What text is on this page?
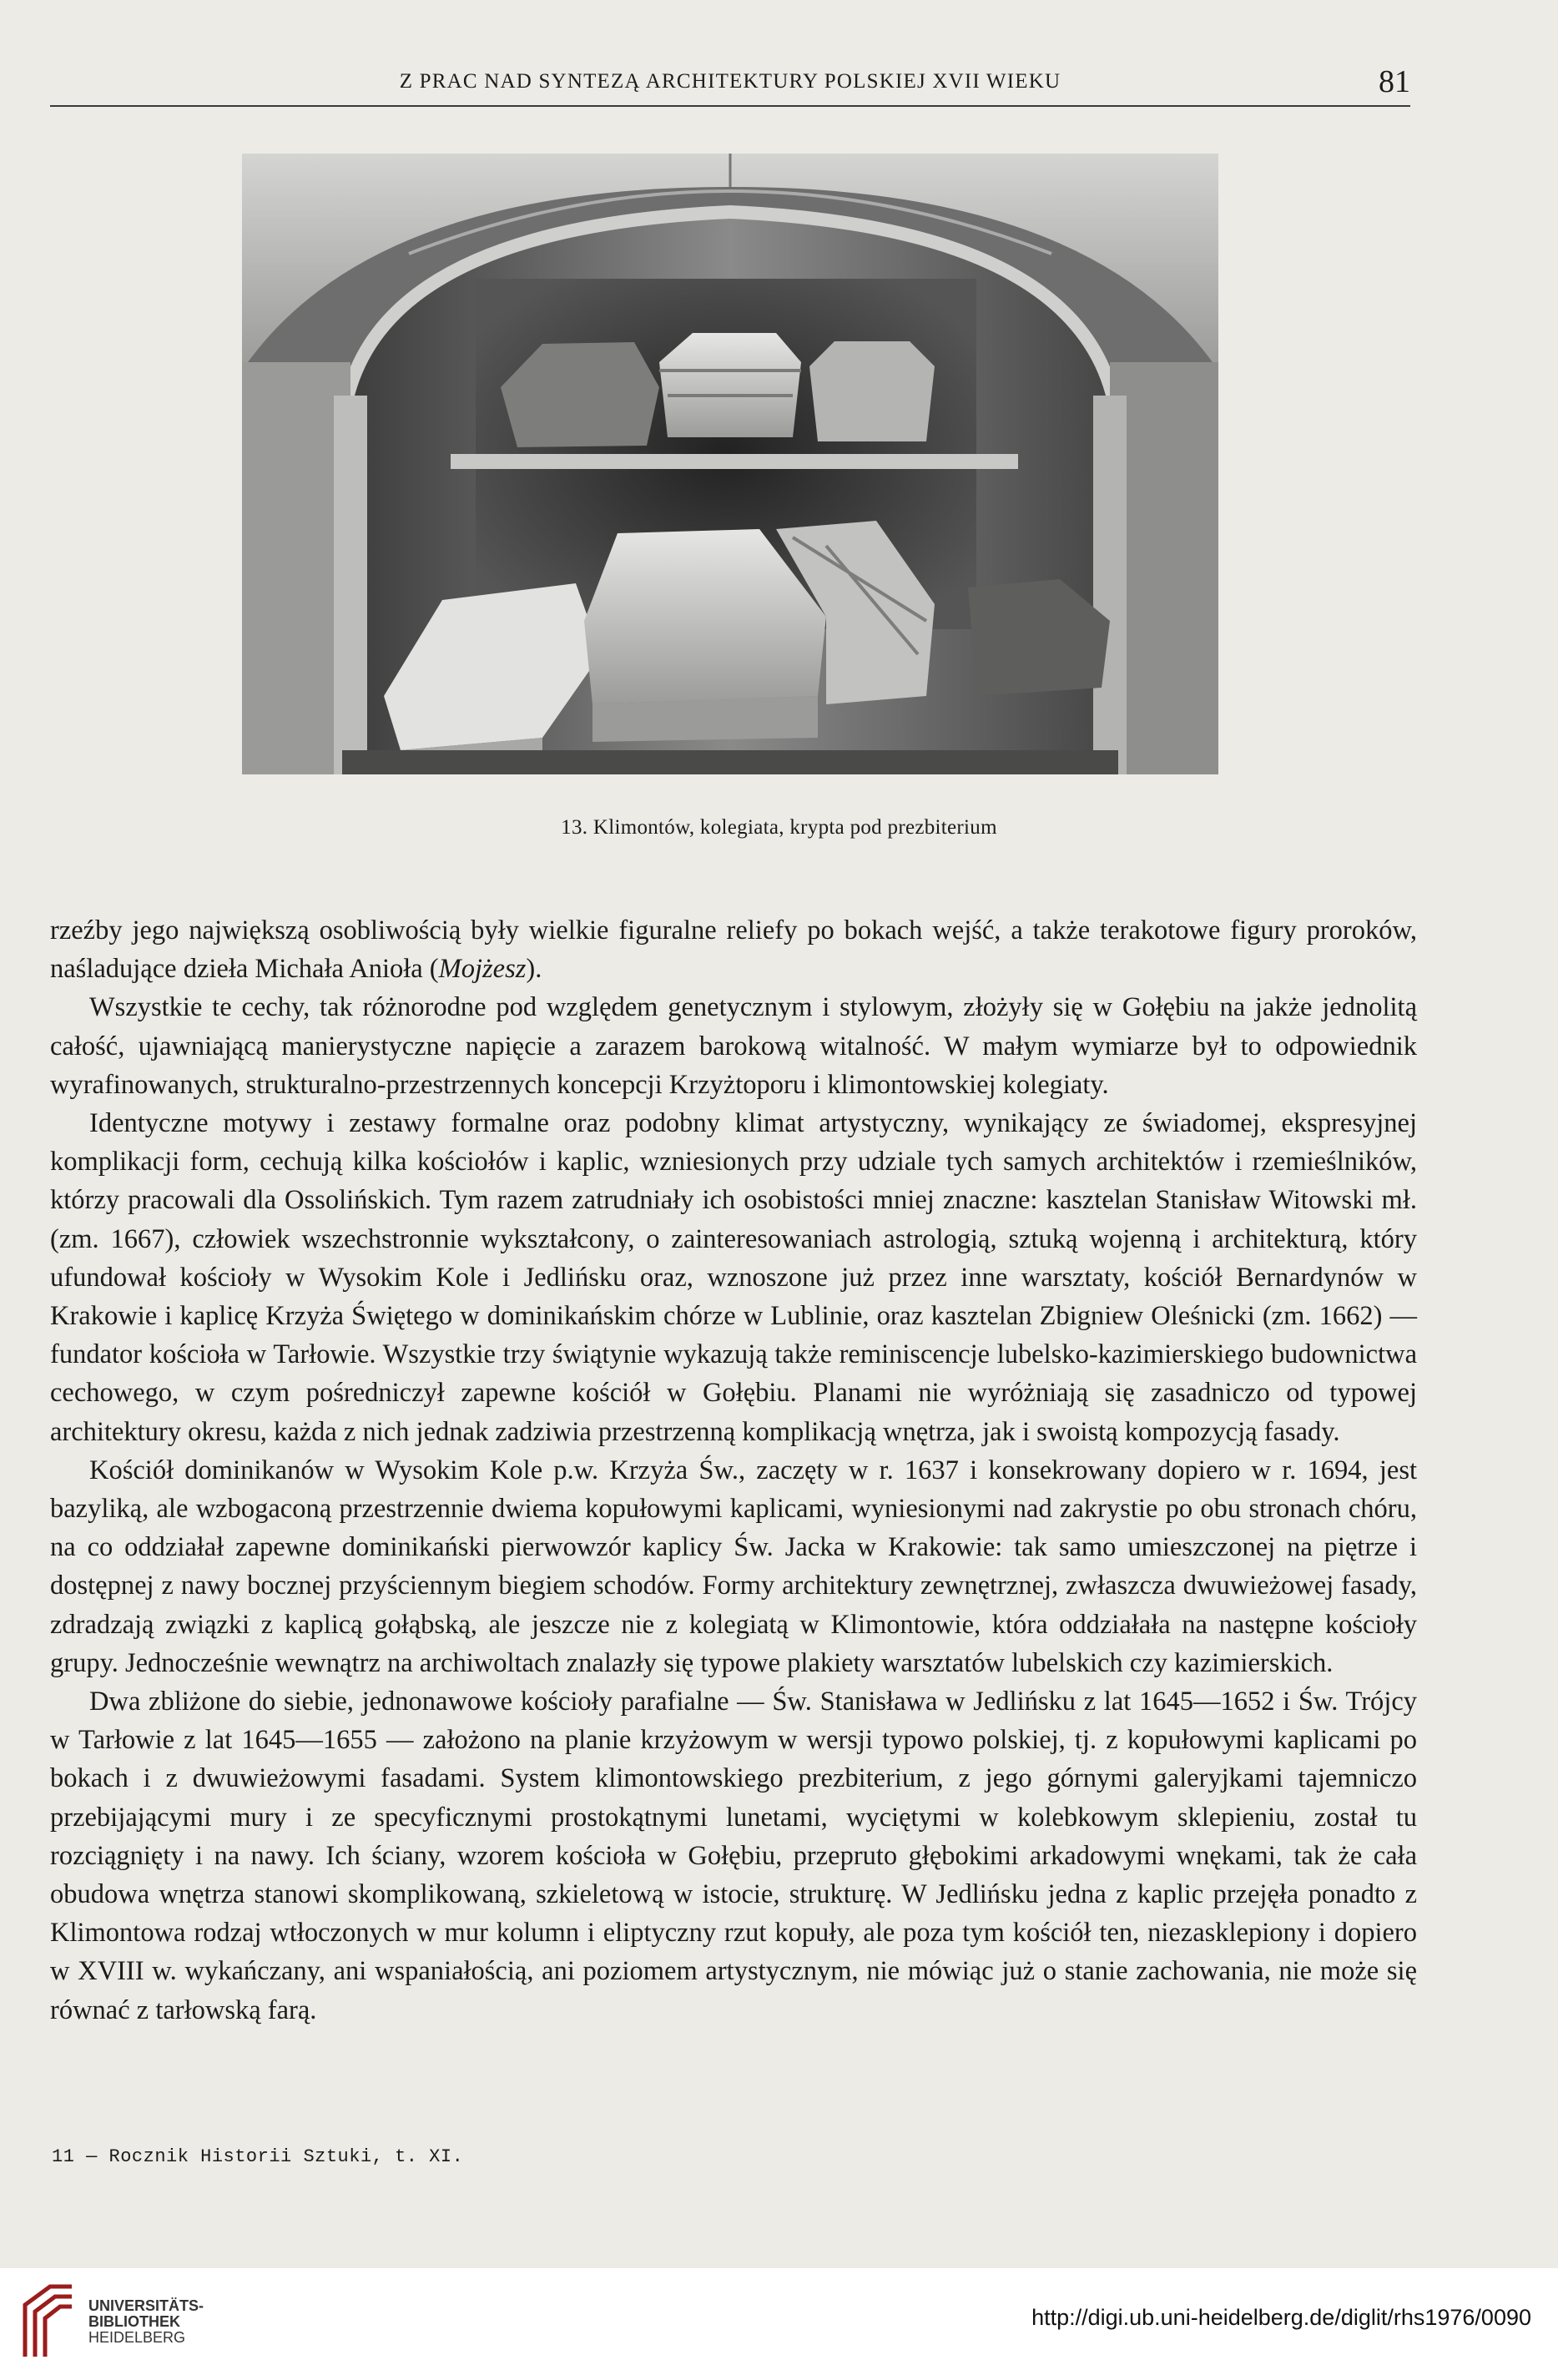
Z PRAC NAD SYNTEZĄ ARCHITEKTURY POLSKIEJ XVII WIEKU	81
13. Klimontów, kolegiata, krypta pod prezbiterium

rzeźby jego największą osobliwością były wielkie figuralne reliefy po bokach wejść, a także terakotowe figury proroków, naśladujące dzieła Michała Anioła (Mojżesz).

Wszystkie te cechy, tak różnorodne pod względem genetycznym i stylowym, złożyły się w Gołębiu na jakże jednolitą całość, ujawniającą manierystyczne napięcie a zarazem barokową witalność. W małym wymiarze był to odpowiednik wyrafinowanych, strukturalno-przestrzennych koncepcji Krzyżtoporu i klimontowskiej kolegiaty.

Identyczne motywy i zestawy formalne oraz podobny klimat artystyczny, wynikający ze świadomej, ekspresyjnej komplikacji form, cechują kilka kościołów i kaplic, wzniesionych przy udziale tych samych architektów i rzemieślników, którzy pracowali dla Ossolińskich. Tym razem zatrudniały ich osobistości mniej znaczne: kasztelan Stanisław Witowski mł. (zm. 1667), człowiek wszechstronnie wykształcony, o zainteresowaniach astrologią, sztuką wojenną i architekturą, który ufundował kościoły w Wysokim Kole i Jedlińsku oraz, wznoszone już przez inne warsztaty, kościół Bernardynów w Krakowie i kaplicę Krzyża Świętego w dominikańskim chórze w Lublinie, oraz kasztelan Zbigniew Oleśnicki (zm. 1662) — fundator kościoła w Tarłowie. Wszystkie trzy świątynie wykazują także reminiscencje lubelsko-kazimierskiego budownictwa cechowego, w czym pośredniczył zapewne kościół w Gołębiu. Planami nie wyróżniają się zasadniczo od typowej architektury okresu, każda z nich jednak zadziwia przestrzenną komplikacją wnętrza, jak i swoistą kompozycją fasady.

Kościół dominikanów w Wysokim Kole p.w. Krzyża Św., zaczęty w r. 1637 i konsekrowany dopiero w r. 1694, jest bazyliką, ale wzbogaconą przestrzennie dwiema kopułowymi kaplicami, wyniesionymi nad zakrystie po obu stronach chóru, na co oddziałał zapewne dominikański pierwowzór kaplicy Św. Jacka w Krakowie: tak samo umieszczonej na piętrze i dostępnej z nawy bocznej przyściennym biegiem schodów. Formy architektury zewnętrznej, zwłaszcza dwuwieżowej fasady, zdradzają związki z kaplicą gołąbską, ale jeszcze nie z kolegiatą w Klimontowie, która oddziałała na następne kościoły grupy. Jednocześnie wewnątrz na archiwoltach znalazły się typowe plakiety warsztatów lubelskich czy kazimierskich.

Dwa zbliżone do siebie, jednonawowe kościoły parafialne — Św. Stanisława w Jedlińsku z lat 1645—1652 i Św. Trójcy w Tarłowie z lat 1645—1655 — założono na planie krzyżowym w wersji typowo polskiej, tj. z kopułowymi kaplicami po bokach i z dwuwieżowymi fasadami. System klimontowskiego prezbiterium, z jego górnymi galeryjkami tajemniczo przebijającymi mury i ze specyficznymi prostokątnymi lunetami, wyciętymi w kolebkowym sklepieniu, został tu rozciągnięty i na nawy. Ich ściany, wzorem kościoła w Gołębiu, przepruto głębokimi arkadowymi wnękami, tak że cała obudowa wnętrza stanowi skomplikowaną, szkieletową w istocie, strukturę. W Jedlińsku jedna z kaplic przejęła ponadto z Klimontowa rodzaj wtłoczonych w mur kolumn i eliptyczny rzut kopuły, ale poza tym kościół ten, niezasklepiony i dopiero w XVIII w. wykańczany, ani wspaniałością, ani poziomem artystycznym, nie mówiąc już o stanie zachowania, nie może się równać z tarłowską farą.

11 — Rocznik Historii Sztuki, t. XI.
UNIVERSITÄTS-
BIBLIOTHEK
HEIDELBERG
http://digi.ub.uni-heidelberg.de/diglit/rhs1976/0090
